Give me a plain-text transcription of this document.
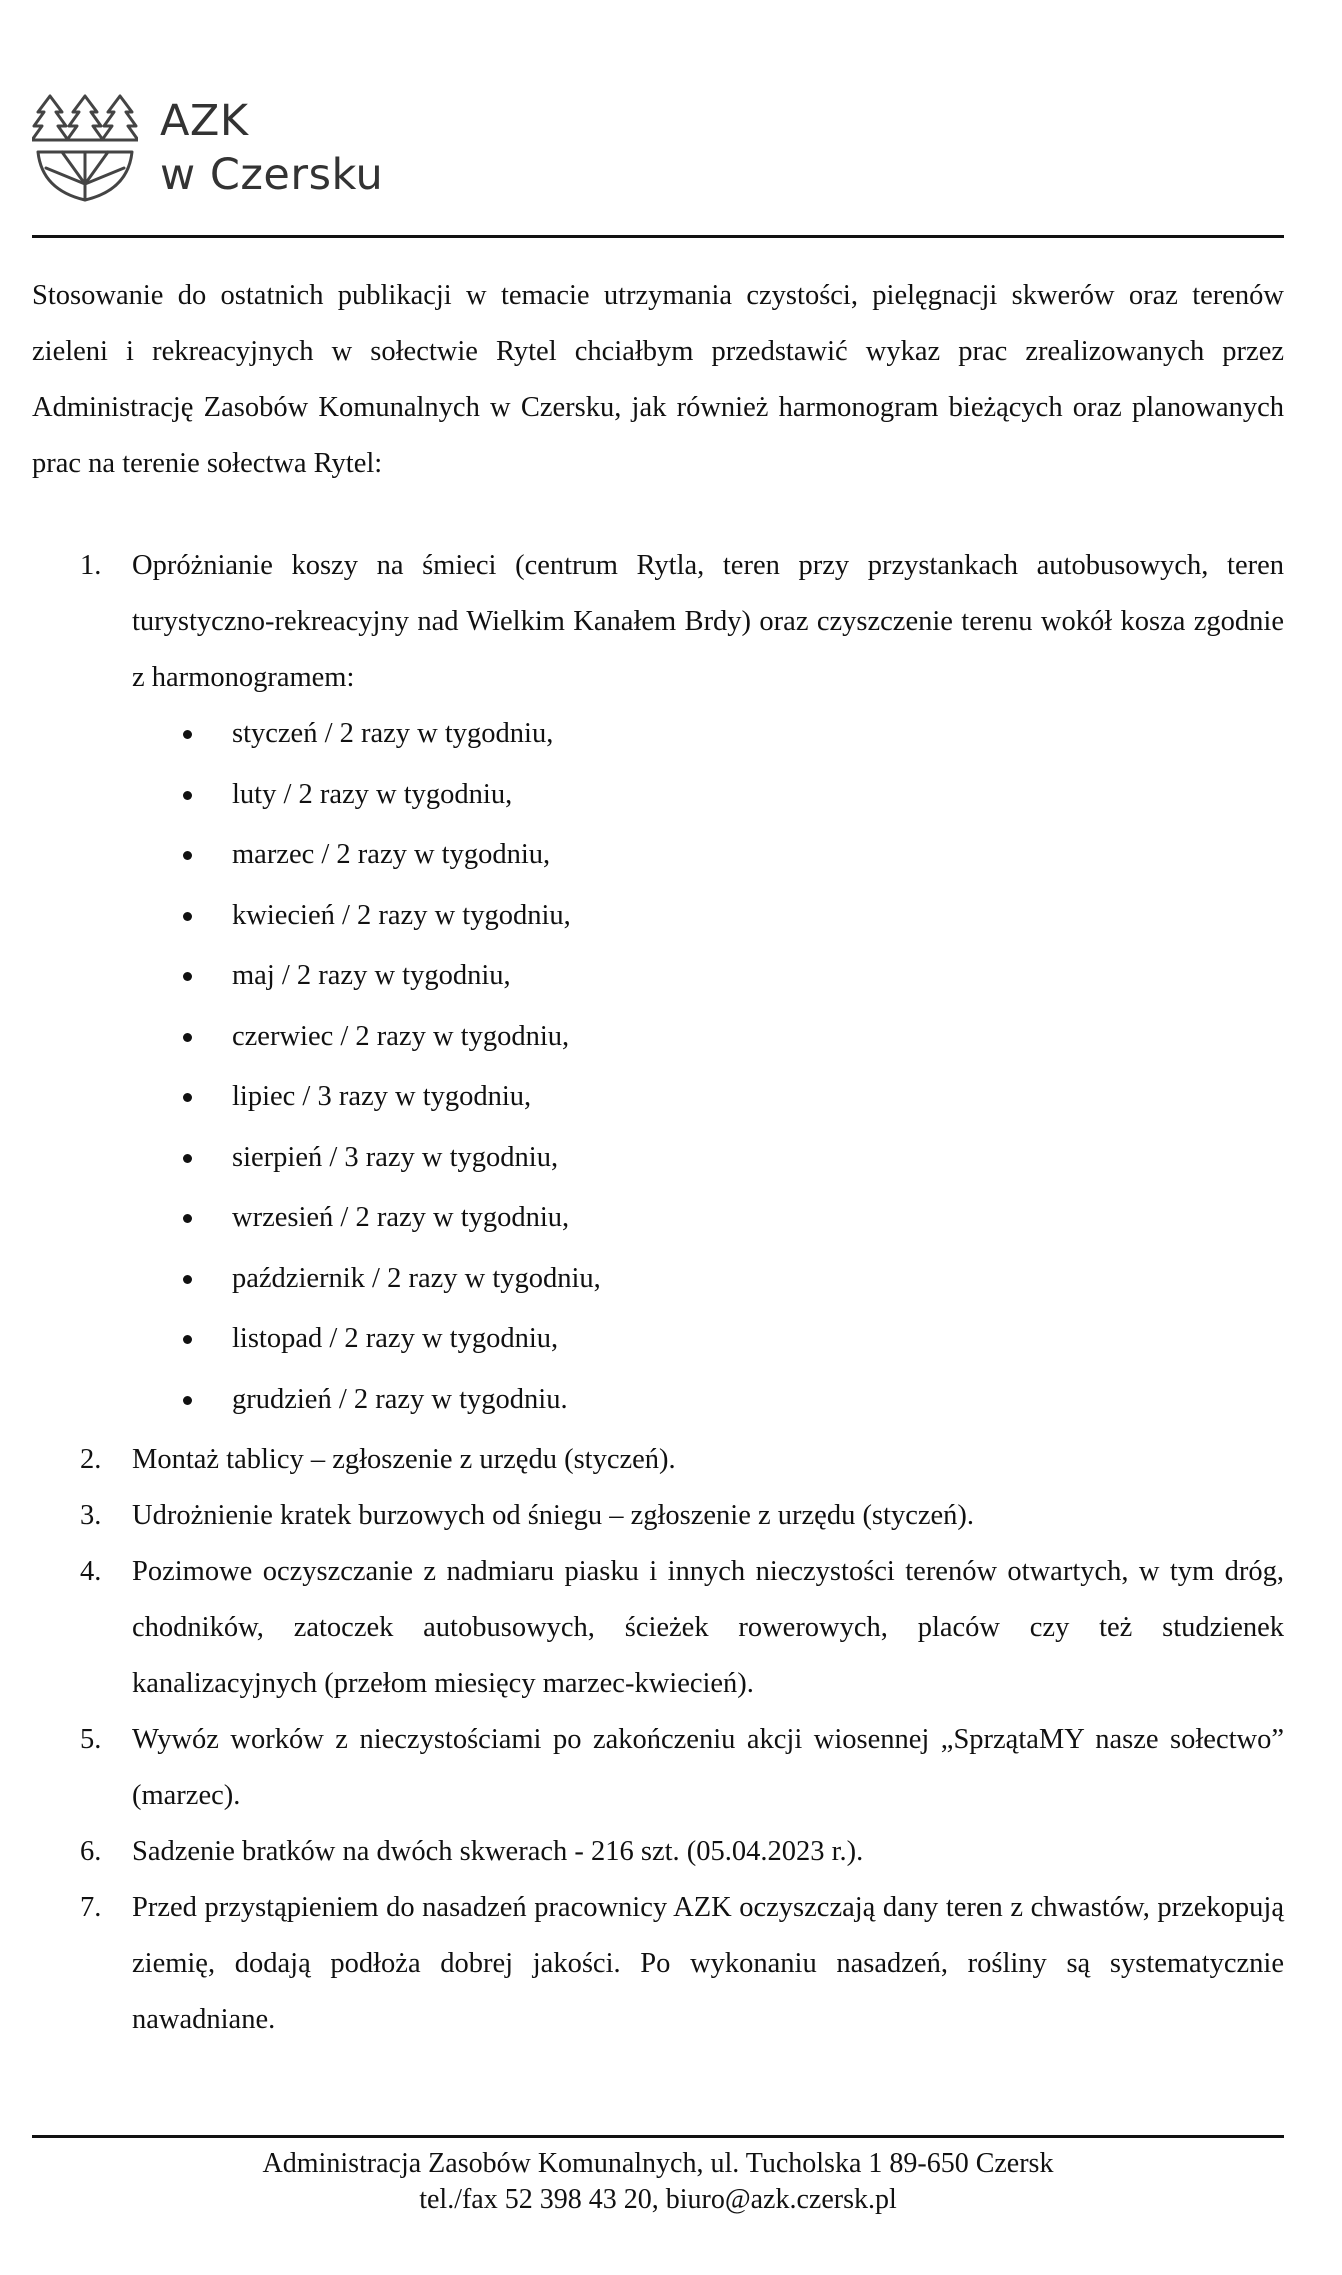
AZK
w Czersku

Stosowanie do ostatnich publikacji w temacie utrzymania czystości, pielęgnacji skwerów oraz terenów zieleni i rekreacyjnych w sołectwie Rytel chciałbym przedstawić wykaz prac zrealizowanych przez Administrację Zasobów Komunalnych w Czersku, jak również harmonogram bieżących oraz planowanych prac na terenie sołectwa Rytel:

1. Opróżnianie koszy na śmieci (centrum Rytla, teren przy przystankach autobusowych, teren turystyczno-rekreacyjny nad Wielkim Kanałem Brdy) oraz czyszczenie terenu wokół kosza zgodnie z harmonogramem:
styczeń / 2 razy w tygodniu,
luty / 2 razy w tygodniu,
marzec / 2 razy w tygodniu,
kwiecień / 2 razy w tygodniu,
maj / 2 razy w tygodniu,
czerwiec / 2 razy w tygodniu,
lipiec / 3 razy w tygodniu,
sierpień / 3 razy w tygodniu,
wrzesień / 2 razy w tygodniu,
październik / 2 razy w tygodniu,
listopad / 2 razy w tygodniu,
grudzień / 2 razy w tygodniu.
2. Montaż tablicy – zgłoszenie z urzędu (styczeń).
3. Udrożnienie kratek burzowych od śniegu – zgłoszenie z urzędu (styczeń).
4. Pozimowe oczyszczanie z nadmiaru piasku i innych nieczystości terenów otwartych, w tym dróg, chodników, zatoczek autobusowych, ścieżek rowerowych, placów czy też studzienek kanalizacyjnych (przełom miesięcy marzec-kwiecień).
5. Wywóz worków z nieczystościami po zakończeniu akcji wiosennej „SprzątaMY nasze sołectwo” (marzec).
6. Sadzenie bratków na dwóch skwerach - 216 szt. (05.04.2023 r.).
7. Przed przystąpieniem do nasadzeń pracownicy AZK oczyszczają dany teren z chwastów, przekopują ziemię, dodają podłoża dobrej jakości. Po wykonaniu nasadzeń, rośliny są systematycznie nawadniane.
Administracja Zasobów Komunalnych, ul. Tucholska 1 89-650 Czersk
tel./fax 52 398 43 20, biuro@azk.czersk.pl
